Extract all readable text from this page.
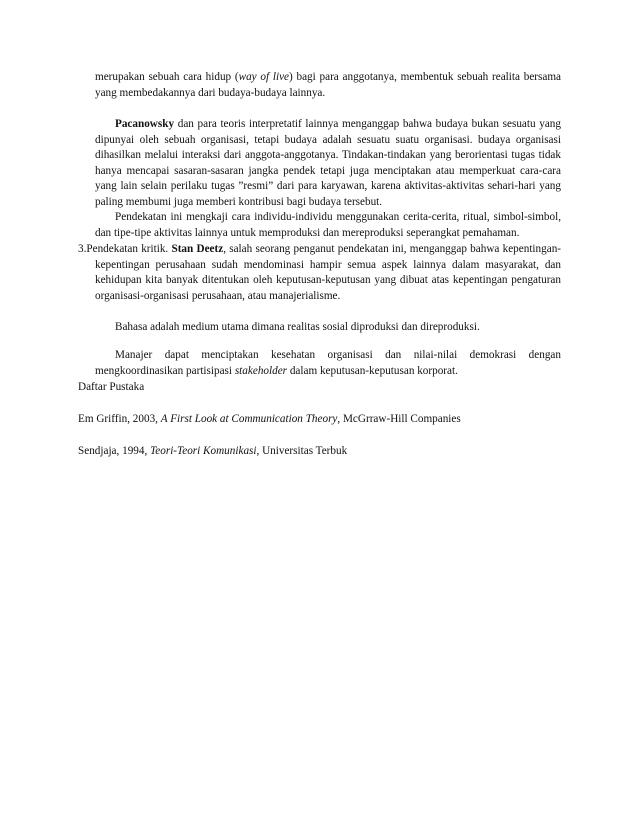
merupakan sebuah cara hidup (way of live) bagi para anggotanya, membentuk sebuah realita bersama yang membedakannya dari budaya-budaya lainnya.

Pacanowsky dan para teoris interpretatif lainnya menganggap bahwa budaya bukan sesuatu yang dipunyai oleh sebuah organisasi, tetapi budaya adalah sesuatu suatu organisasi. budaya organisasi dihasilkan melalui interaksi dari anggota-anggotanya. Tindakan-tindakan yang berorientasi tugas tidak hanya mencapai sasaran-sasaran jangka pendek tetapi juga menciptakan atau memperkuat cara-cara yang lain selain perilaku tugas ”resmi” dari para karyawan, karena aktivitas-aktivitas sehari-hari yang paling membumi juga memberi kontribusi bagi budaya tersebut.

Pendekatan ini mengkaji cara individu-individu menggunakan cerita-cerita, ritual, simbol-simbol, dan tipe-tipe aktivitas lainnya untuk memproduksi dan mereproduksi seperangkat pemahaman.

3.Pendekatan kritik. Stan Deetz, salah seorang penganut pendekatan ini, menganggap bahwa kepentingan-kepentingan perusahaan sudah mendominasi hampir semua aspek lainnya dalam masyarakat, dan kehidupan kita banyak ditentukan oleh keputusan-keputusan yang dibuat atas kepentingan pengaturan organisasi-organisasi perusahaan, atau manajerialisme.

Bahasa adalah medium utama dimana realitas sosial diproduksi dan direproduksi.

Manajer dapat menciptakan kesehatan organisasi dan nilai-nilai demokrasi dengan mengkoordinasikan partisipasi stakeholder dalam keputusan-keputusan korporat.

Daftar Pustaka
Em Griffin, 2003, A First Look at Communication Theory, McGrraw-Hill Companies
Sendjaja, 1994, Teori-Teori Komunikasi, Universitas Terbuk
